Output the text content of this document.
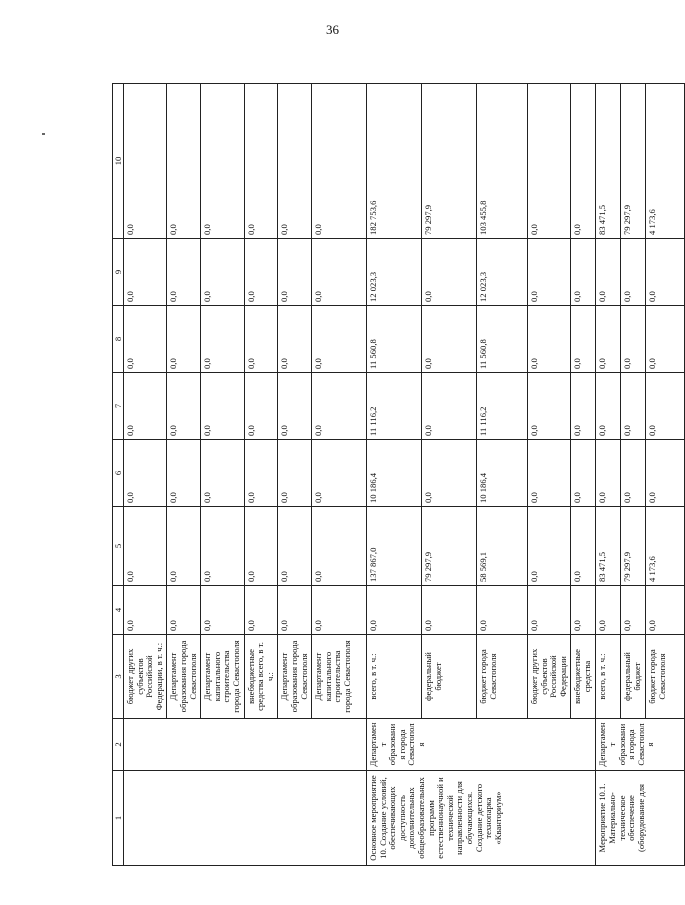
36
1	2	3	4	5	6	7	8	9	10
		бюджет других субъектов Российской Федерации, в т. ч.:	0,0	0,0	0,0	0,0	0,0	0,0	0,0
		Департамент образования города Севастополя	0,0	0,0	0,0	0,0	0,0	0,0	0,0
		Департамент капитального строительства города Севастополя	0,0	0,0	0,0	0,0	0,0	0,0	0,0
		внебюджетные средства всего, в т. ч.:	0,0	0,0	0,0	0,0	0,0	0,0	0,0
		Департамент образования города Севастополя	0,0	0,0	0,0	0,0	0,0	0,0	0,0
		Департамент капитального строительства города Севастополя	0,0	0,0	0,0	0,0	0,0	0,0	0,0
Основное мероприятие 10. Создание условий, обеспечивающих доступность дополнительных общеобразовательных программ естественнонаучной и технической направленности для обучающихся. Создание детского технопарка «Кванториум»	Департамент образования города Севастополя	всего, в т. ч.:	0,0	137 867,0	10 186,4	11 116,2	11 560,8	12 023,3	182 753,6
		федеральный бюджет	0,0	79 297,9	0,0	0,0	0,0	0,0	79 297,9
		бюджет города Севастополя	0,0	58 569,1	10 186,4	11 116,2	11 560,8	12 023,3	103 455,8
		бюджет других субъектов Российской Федерации	0,0	0,0	0,0	0,0	0,0	0,0	0,0
		внебюджетные средства	0,0	0,0	0,0	0,0	0,0	0,0	0,0
Мероприятие 10.1. Материально-техническое обеспечение (оборудование для	Департамент образования города Севастополя	всего, в т. ч.:	0,0	83 471,5	0,0	0,0	0,0	0,0	83 471,5
		федеральный бюджет	0,0	79 297,9	0,0	0,0	0,0	0,0	79 297,9
		бюджет города Севастополя	0,0	4 173,6	0,0	0,0	0,0	0,0	4 173,6
